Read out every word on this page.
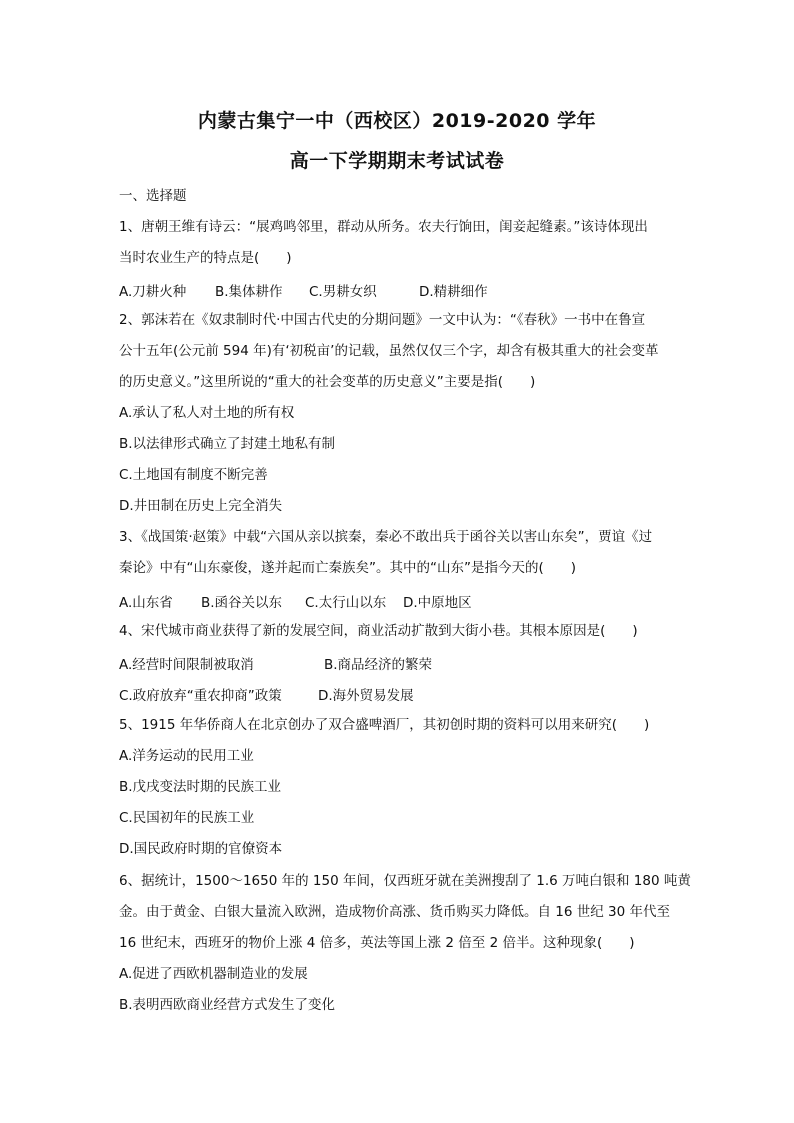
内蒙古集宁一中（西校区）2019-2020 学年
高一下学期期末考试试卷
一、选择题
1、唐朝王维有诗云：“展鸡鸣邻里，群动从所务。农夫行饷田，闺妾起缝素。”该诗体现出
当时农业生产的特点是(　　)
A.刀耕火种 B.集体耕作 C.男耕女织	D.精耕细作
2、郭沫若在《奴隶制时代·中国古代史的分期问题》一文中认为：“《春秋》一书中在鲁宣
公十五年(公元前 594 年)有‘初税亩’的记载，虽然仅仅三个字，却含有极其重大的社会变革
的历史意义。”这里所说的“重大的社会变革的历史意义”主要是指(　　)
A.承认了私人对土地的所有权
B.以法律形式确立了封建土地私有制
C.土地国有制度不断完善
D.井田制在历史上完全消失
3、《战国策·赵策》中载“六国从亲以摈秦，秦必不敢出兵于函谷关以害山东矣”，贾谊《过
秦论》中有“山东豪俊，遂并起而亡秦族矣”。其中的“山东”是指今天的(　　)
A.山东省 B.函谷关以东 C.太行山以东 D.中原地区
4、宋代城市商业获得了新的发展空间，商业活动扩散到大街小巷。其根本原因是(　　)
A.经营时间限制被取消	B.商品经济的繁荣
C.政府放弃“重农抑商”政策	D.海外贸易发展
5、1915 年华侨商人在北京创办了双合盛啤酒厂，其初创时期的资料可以用来研究(　　)
A.洋务运动的民用工业
B.戊戌变法时期的民族工业
C.民国初年的民族工业
D.国民政府时期的官僚资本
6、据统计，1500～1650 年的 150 年间，仅西班牙就在美洲搜刮了 1.6 万吨白银和 180 吨黄
金。由于黄金、白银大量流入欧洲，造成物价高涨、货币购买力降低。自 16 世纪 30 年代至
16 世纪末，西班牙的物价上涨 4 倍多，英法等国上涨 2 倍至 2 倍半。这种现象(　　)
A.促进了西欧机器制造业的发展
B.表明西欧商业经营方式发生了变化
